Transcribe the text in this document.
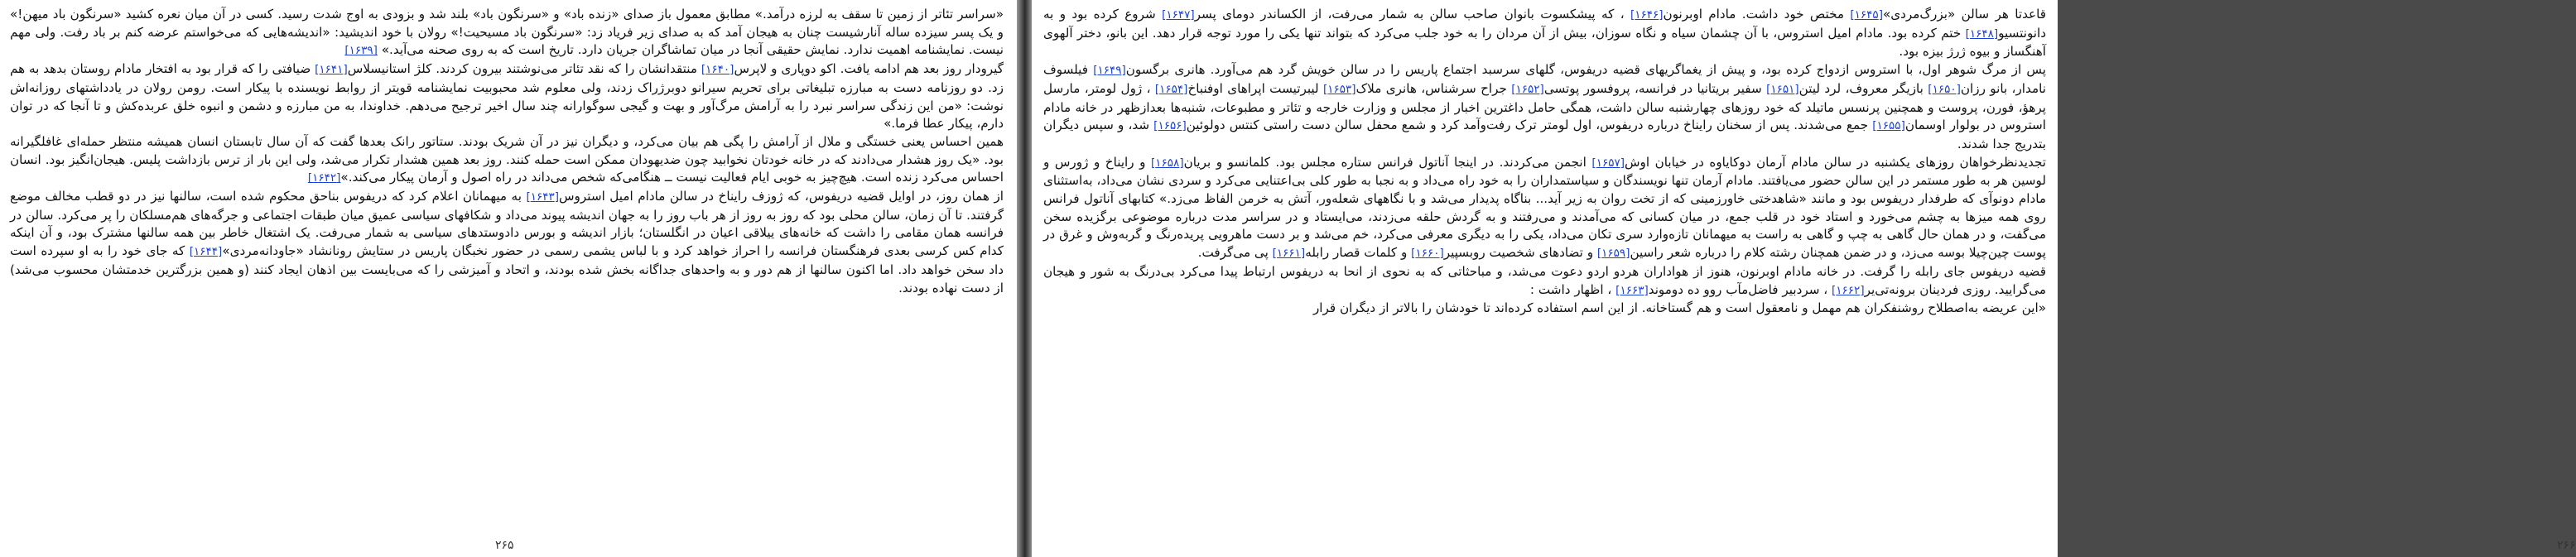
«سراسر تئاتر از زمین تا سقف به لرزه درآمد.» مطابق معمول باز صدای «زنده باد» و «سرنگون باد» بلند شد و بزودی به اوج شدت رسید. کسی در آن میان نعره کشید «سرنگون باد میهن!» و یک پسر سیزده ساله آنارشیست چنان به هیجان آمد که به صدای زیر فریاد زد: «سرنگون باد مسیحیت!» رولان با خود اندیشید: «اندیشه‌هایی که می‌خواستم عرضه کنم بر باد رفت. ولی مهم نیست. نمایشنامه اهمیت ندارد. نمایش حقیقی آنجا در میان تماشاگران جریان دارد. تاریخ است که به روی صحنه می‌آید.» [۱۶۳۹]

گیرودار روز بعد هم ادامه یافت. اکو دوپاری و لاپرس[۱۶۴۰] منتقدانشان را که نقد تئاتر می‌نوشتند بیرون کردند. کلژ استانیسلاس[۱۶۴۱] ضیافتی را که قرار بود به افتخار مادام روستان بدهد به هم زد. دو روزنامه دست به مبارزه تبلیغاتی برای تحریم سیرانو دوبرژراک زدند، ولی معلوم شد محبوبیت نمایشنامه قویتر از روابط نویسنده با پیکار است. رومن رولان در یادداشتهای روزانه‌اش نوشت: «من این زندگی سراسر نبرد را به آرامش مرگ‌آور و بهت و گیجی سوگوارانه چند سال اخیر ترجیح می‌دهم. خداوندا، به من مبارزه و دشمن و انبوه خلق عربده‌کش و تا آنجا که در توان دارم، پیکار عطا فرما.»

همین احساس یعنی خستگی و ملال از آرامش را پگی هم بیان می‌کرد، و دیگران نیز در آن شریک بودند. ستاتور رانک بعدها گفت که آن سال تابستان انسان همیشه منتظر حمله‌ای غافلگیرانه بود. «یک روز هشدار می‌دادند که در خانه خودتان نخوابید چون ضدیهودان ممکن است حمله کنند. روز بعد همین هشدار تکرار می‌شد، ولی این بار از ترس بازداشت پلیس. هیجان‌انگیز بود. انسان احساس می‌کرد زنده است. هیچ‌چیز به خوبی ایام فعالیت نیست ــ هنگامی‌که شخص می‌داند در راه اصول و آرمان پیکار می‌کند.»[۱۶۴۲]

از همان روز، در اوایل قضیه دریفوس، که ژوزف رایناخ در سالن مادام امیل استروس[۱۶۴۳] به میهمانان اعلام کرد که دریفوس بناحق محکوم شده است، سالنها نیز در دو قطب مخالف موضع گرفتند. تا آن زمان، سالن محلی بود که روز به روز از هر باب روز را به جهان اندیشه پیوند می‌داد و شکافهای سیاسی عمیق میان طبقات اجتماعی و جرگه‌های هم‌مسلکان را پر می‌کرد. سالن در فرانسه همان مقامی را داشت که خانه‌های ییلاقی اعیان در انگلستان؛ بازار اندیشه و بورس دادوستدهای سیاسی به شمار می‌رفت. یک اشتغال خاطر بین همه سالنها مشترک بود، و آن اینکه کدام کس کرسی بعدی فرهنگستان فرانسه را احراز خواهد کرد و با لباس یشمی رسمی در حضور نخبگان پاریس در ستایش رونانشاد «جاودانه‌مردی»[۱۶۴۴] که جای خود را به او سپرده است داد سخن خواهد داد. اما اکنون سالنها از هم دور و به واحدهای جداگانه بخش شده بودند، و اتحاد و آمیزشی را که می‌بایست بین اذهان ایجاد کنند (و همین بزرگترین خدمتشان محسوب می‌شد) از دست نهاده بودند.

۲۶۵

قاعدتا هر سالن «بزرگ‌مردی»[۱۶۴۵] مختص خود داشت. مادام اوبرنون[۱۶۴۶] ، که پیشکسوت بانوان صاحب سالن به شمار می‌رفت، از الکساندر دومای پسر[۱۶۴۷] شروع کرده بود و به دانونتسیو[۱۶۴۸] ختم کرده بود. مادام امیل استروس، با آن چشمان سیاه و نگاه سوزان، بیش از آن مردان را به خود جلب می‌کرد که بتواند تنها یکی را مورد توجه قرار دهد. این بانو، دختر آلهوی آهنگساز و بیوه ژرژ بیزه بود.

پس از مرگ شوهر اول، با استروس ازدواج کرده بود، و پیش از یغماگریهای قضیه دریفوس، گلهای سرسبد اجتماع پاریس را در سالن خویش گرد هم می‌آورد. هانری برگسون[۱۶۴۹] فیلسوف نامدار، بانو رزان[۱۶۵۰] بازیگر معروف، لرد لیتن[۱۶۵۱] سفیر بریتانیا در فرانسه، پروفسور پوتسی[۱۶۵۲] جراح سرشناس، هانری ملاک[۱۶۵۳] لیبرتیست اپراهای اوفنباخ[۱۶۵۴] ، ژول لومتر، مارسل پرهؤ، فورن، پروست و همچنین پرنسس ماتیلد که خود روزهای چهارشنبه سالن داشت، همگی حامل داغترین اخبار از مجلس و وزارت خارجه و تئاتر و مطبوعات، شنبه‌ها بعدازظهر در خانه مادام استروس در بولوار اوسمان[۱۶۵۵] جمع می‌شدند. پس از سخنان رایناخ درباره دریفوس، اول لومتر ترک رفت‌وآمد کرد و شمع محفل سالن دست راستی کنتس دولوئین[۱۶۵۶] شد، و سپس دیگران بتدریج جدا شدند.

تجدیدنظرخواهان روزهای یکشنبه در سالن مادام آرمان دوکایاوه در خیابان اوش[۱۶۵۷] انجمن می‌کردند. در اینجا آناتول فرانس ستاره مجلس بود. کلمانسو و بریان[۱۶۵۸] و رایناخ و ژورس و لوسین هر به طور مستمر در این سالن حضور می‌یافتند. مادام آرمان تنها نویسندگان و سیاستمداران را به خود راه می‌داد و به نجبا به طور کلی بی‌اعتنایی می‌کرد و سردی نشان می‌داد، به‌استثنای مادام دونوآی که طرفدار دریفوس بود و مانند «شاهدختی خاورزمینی که از تخت روان به زیر آید... بناگاه پدیدار می‌شد و با نگاههای شعله‌ور، آتش به خرمن الفاظ می‌زد.» کتابهای آناتول فرانس روی همه میزها به چشم می‌خورد و استاد خود در قلب جمع، در میان کسانی که می‌آمدند و می‌رفتند و به گردش حلقه می‌زدند، می‌ایستاد و در سراسر مدت درباره موضوعی برگزیده سخن می‌گفت، و در همان حال گاهی به چپ و گاهی به راست به میهمانان تازه‌وارد سری تکان می‌داد، یکی را به دیگری معرفی می‌کرد، خم می‌شد و بر دست ماهرویی پریده‌رنگ و گربه‌وش و غرق در پوست چین‌چیلا بوسه می‌زد، و در ضمن همچنان رشته کلام را درباره شعر راسین[۱۶۵۹] و تضادهای شخصیت روبسپیر[۱۶۶۰] و کلمات قصار رابله[۱۶۶۱] پی می‌گرفت.

قضیه دریفوس جای رابله را گرفت. در خانه مادام اوبرنون، هنوز از هواداران هردو اردو دعوت می‌شد، و مباحثاتی که به نحوی از انحا به دریفوس ارتباط پیدا می‌کرد بی‌درنگ به شور و هیجان می‌گرایید. روزی فردینان برونه‌تی‌یر[۱۶۶۲] ، سردبیر فاضل‌مآب روو ده دوموند[۱۶۶۳] ، اظهار داشت :

«این عریضه به‌اصطلاح روشنفکران هم مهمل و نامعقول است و هم گستاخانه. از این اسم استفاده کرده‌اند تا خودشان را بالاتر از دیگران قرار

۲۶۶
